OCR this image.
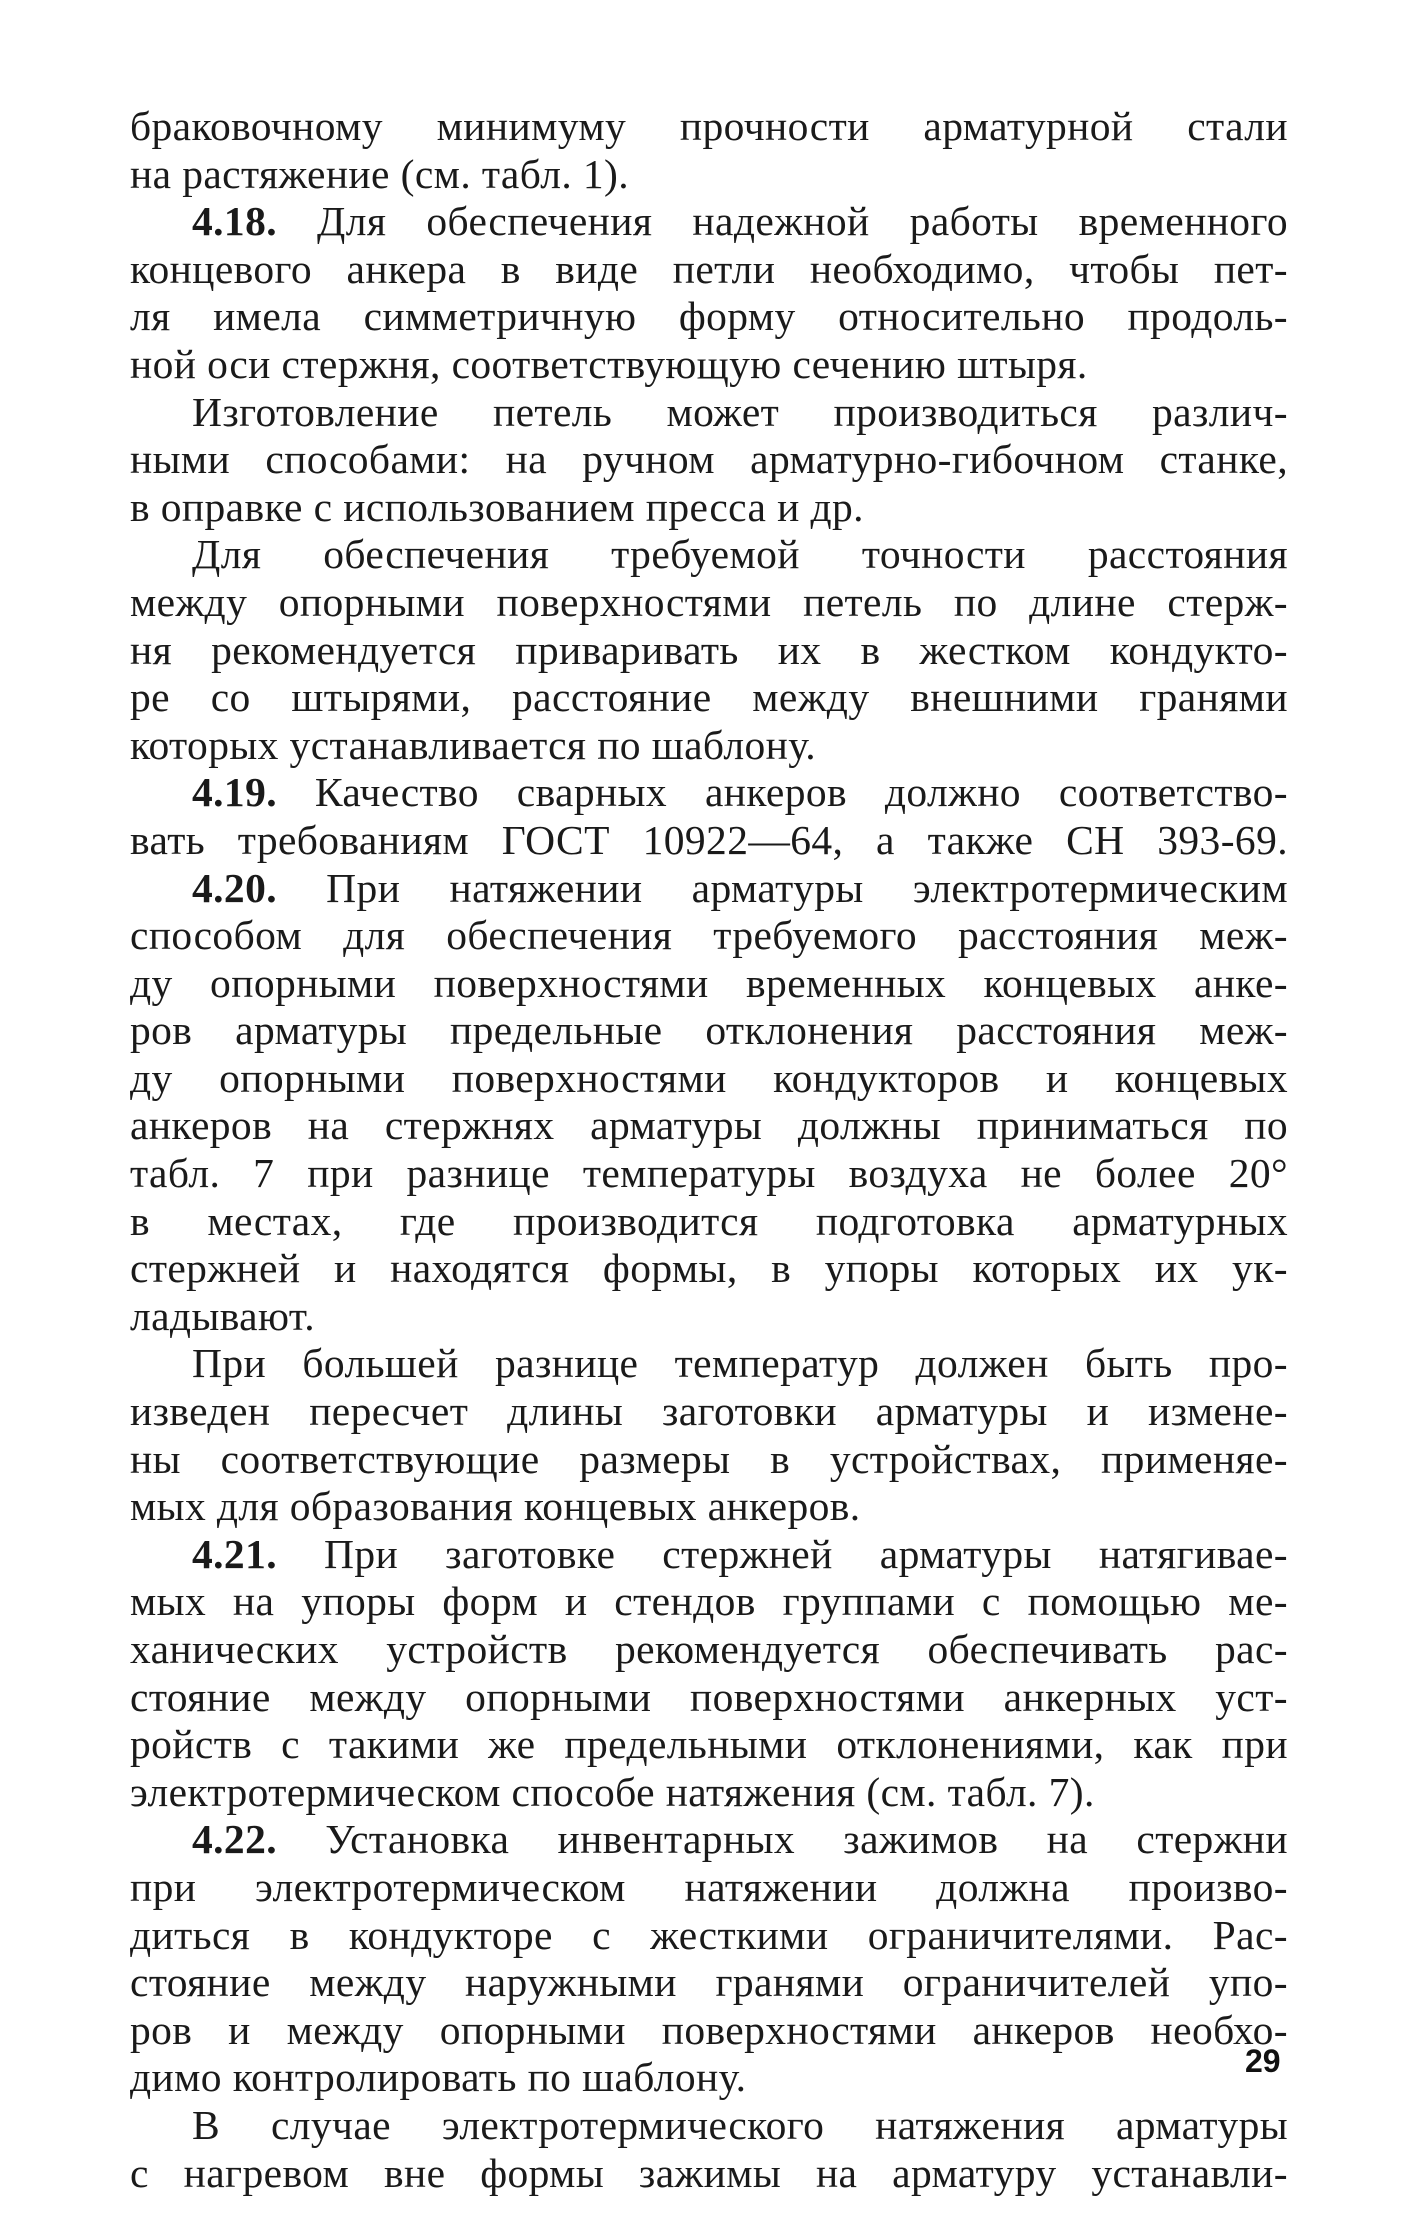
браковочному минимуму прочности арматурной стали
на растяжение (см. табл. 1).
4.18. Для обеспечения надежной работы временного
концевого анкера в виде петли необходимо, чтобы пет-
ля имела симметричную форму относительно продоль-
ной оси стержня, соответствующую сечению штыря.
Изготовление петель может производиться различ-
ными способами: на ручном арматурно-гибочном станке,
в оправке с использованием пресса и др.
Для обеспечения требуемой точности расстояния
между опорными поверхностями петель по длине стерж-
ня рекомендуется приваривать их в жестком кондукто-
ре со штырями, расстояние между внешними гранями
которых устанавливается по шаблону.
4.19. Качество сварных анкеров должно соответство-
вать требованиям ГОСТ 10922—64, а также СН 393-69.
4.20. При натяжении арматуры электротермическим
способом для обеспечения требуемого расстояния меж-
ду опорными поверхностями временных концевых анке-
ров арматуры предельные отклонения расстояния меж-
ду опорными поверхностями кондукторов и концевых
анкеров на стержнях арматуры должны приниматься по
табл. 7 при разнице температуры воздуха не более 20°
в местах, где производится подготовка арматурных
стержней и находятся формы, в упоры которых их ук-
ладывают.
При большей разнице температур должен быть про-
изведен пересчет длины заготовки арматуры и измене-
ны соответствующие размеры в устройствах, применяе-
мых для образования концевых анкеров.
4.21. При заготовке стержней арматуры натягивае-
мых на упоры форм и стендов группами с помощью ме-
ханических устройств рекомендуется обеспечивать рас-
стояние между опорными поверхностями анкерных уст-
ройств с такими же предельными отклонениями, как при
электротермическом способе натяжения (см. табл. 7).
4.22. Установка инвентарных зажимов на стержни
при электротермическом натяжении должна произво-
диться в кондукторе с жесткими ограничителями. Рас-
стояние между наружными гранями ограничителей упо-
ров и между опорными поверхностями анкеров необхо-
димо контролировать по шаблону.
В случае электротермического натяжения арматуры
с нагревом вне формы зажимы на арматуру устанавли-
29
